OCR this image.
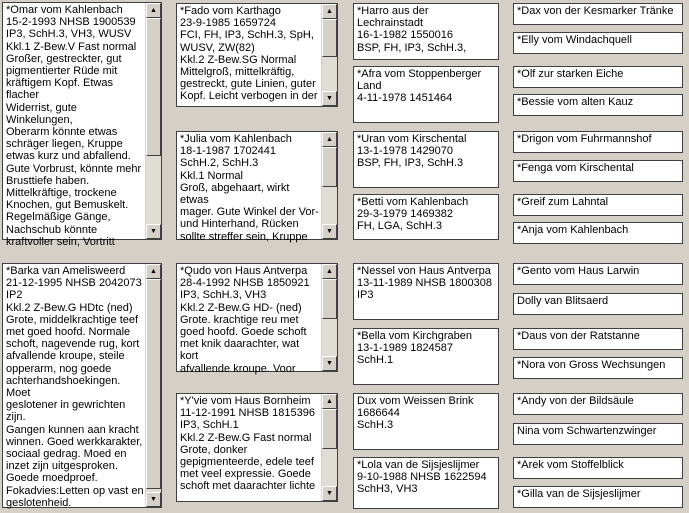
*Omar vom Kahlenbach
15-2-1993 NHSB 1900539
IP3, SchH.3, VH3, WUSV
Kkl.1 Z-Bew.V Fast normal
Großer, gestreckter, gut
pigmentierter Rüde mit
kräftigem Kopf. Etwas flacher
Widerrist, gute Winkelungen,
Oberarm könnte etwas
schräger liegen, Kruppe
etwas kurz und abfallend.
Gute Vorbrust, könnte mehr
Brusttiefe haben.
Mittelkräftige, trockene
Knochen, gut Bemuskelt.
Regelmäßige Gänge,
Nachschub könnte
kraftvoller sein, Vortritt
▲
▼
*Fado vom Karthago
23-9-1985 1659724
FCI, FH, IP3, SchH.3, SpH,
WUSV, ZW(82)
Kkl.2 Z-Bew.SG Normal
Mittelgroß, mittelkräftig,
gestreckt, gute Linien, guter
Kopf. Leicht verbogen in der
▲
▼
*Harro aus der Lechrainstadt
16-1-1982 1550016
BSP, FH, IP3, SchH.3,
*Dax von der Kesmarker Tränke
*Elly vom Windachquell
*Afra vom Stoppenberger
Land
4-11-1978 1451464
*Olf zur starken Eiche
*Bessie vom alten Kauz
*Julia vom Kahlenbach
18-1-1987 1702441
SchH.2, SchH.3
Kkl.1 Normal
Groß, abgehaart, wirkt etwas
mager. Gute Winkel der Vor-
und Hinterhand, Rücken
sollte streffer sein, Kruppe
▲
▼
*Uran vom Kirschental
13-1-1978 1429070
BSP, FH, IP3, SchH.3
*Drigon vom Fuhrmannshof
*Fenga vom Kirschental
*Betti vom Kahlenbach
29-3-1979 1469382
FH, LGA, SchH.3
*Greif zum Lahntal
*Anja vom Kahlenbach
*Barka van Amelisweerd
21-12-1995 NHSB 2042073
IP2
Kkl.2 Z-Bew.G HDtc (ned)
Grote, middelkrachtige teef
met goed hoofd. Normale
schoft, nagevende rug, kort
afvallende kroupe, steile
opperarm, nog goede
achterhandshoekingen. Moet
geslotener in gewrichten zijn.
Gangen kunnen aan kracht
winnen. Goed werkkarakter,
sociaal gedrag. Moed en
inzet zijn uitgesproken.
Goede moedproef.
Fokadvies:Letten op vast en
geslotenheid.
▲
▼
*Qudo von Haus Antverpa
28-4-1992 NHSB 1850921
IP3, SchH.3, VH3
Kkl.2 Z-Bew.G HD- (ned)
Grote. krachtige reu met
goed hoofd. Goede schoft
met knik daarachter, wat kort
afvallende kroupe. Voor
▲
▼
*Nessel von Haus Antverpa
13-11-1989 NHSB 1800308
IP3
*Gento vom Haus Larwin
Dolly van Blitsaerd
*Bella vom Kirchgraben
13-1-1989 1824587
SchH.1
*Daus von der Ratstanne
*Nora von Gross Wechsungen
*Y'vie vom Haus Bornheim
11-12-1991 NHSB 1815396
IP3, SchH.1
Kkl.2 Z-Bew.G Fast normal
Grote, donker
gepigmenteerde, edele teef
met veel expressie. Goede
schoft met daarachter lichte
▲
▼
Dux vom Weissen Brink
1686644
SchH.3
*Andy von der Bildsäule
Nina vom Schwartenzwinger
*Lola van de Sijsjeslijmer
9-10-1988 NHSB 1622594
SchH3, VH3
*Arek vom Stoffelblick
*Gilla van de Sijsjeslijmer
